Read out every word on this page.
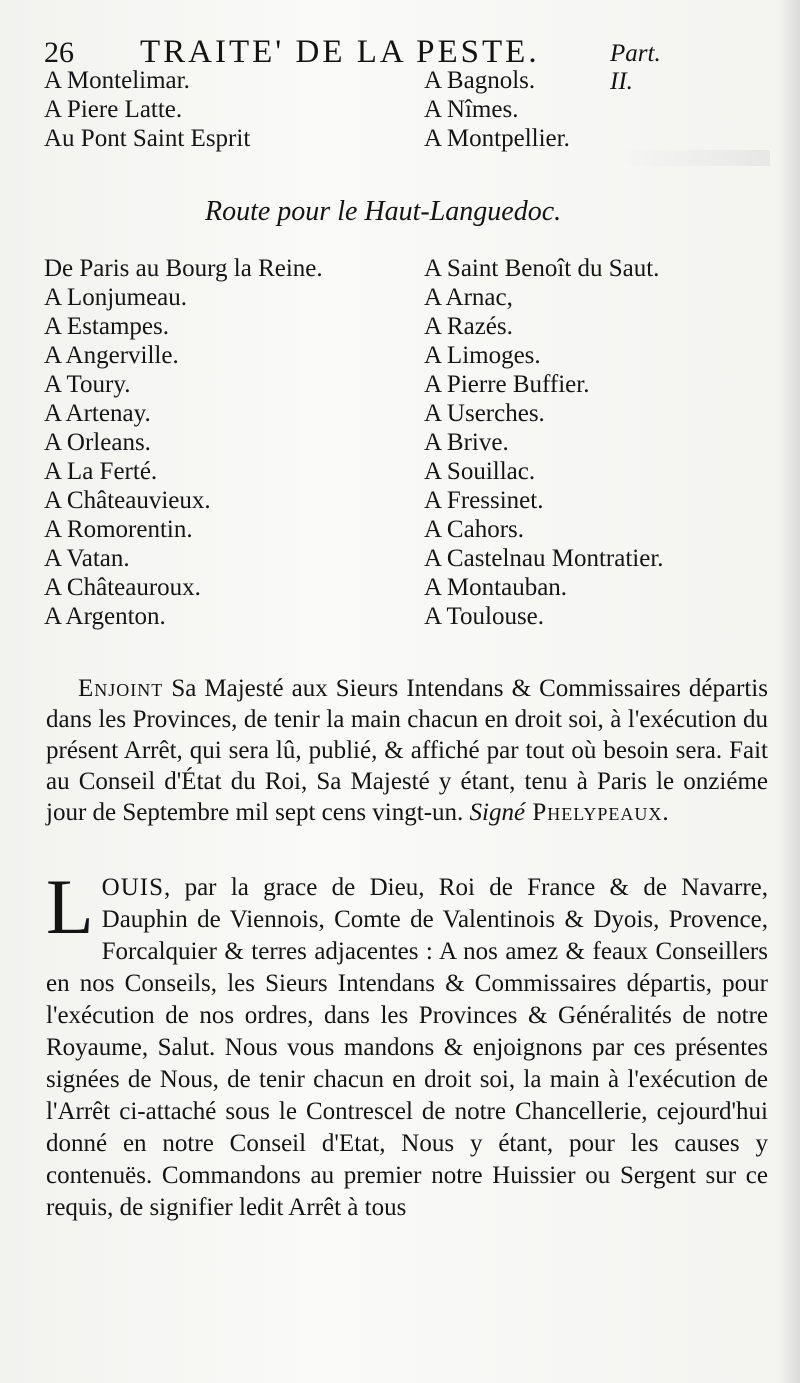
26 TRAITE' DE LA PESTE.	Part. II.
A Montelimar.
A Piere Latte.
Au Pont Saint Esprit
A Bagnols.
A Nîmes.
A Montpellier.
Route pour le Haut-Languedoc.
De Paris au Bourg la Reine.
A Lonjumeau.
A Estampes.
A Angerville.
A Toury.
A Artenay.
A Orleans.
A La Ferté.
A Châteauvieux.
A Romorentin.
A Vatan.
A Châteauroux.
A Argenton.
A Saint Benoît du Saut.
A Arnac,
A Razés.
A Limoges.
A Pierre Buffier.
A Userches.
A Brive.
A Souillac.
A Fressinet.
A Cahors.
A Castelnau Montratier.
A Montauban.
A Toulouse.

Enjoint Sa Majesté aux Sieurs Intendans & Commissaires départis dans les Provinces, de tenir la main chacun en droit soi, à l'exécution du présent Arrêt, qui sera lû, publié, & affiché par tout où besoin sera. Fait au Conseil d'État du Roi, Sa Majesté y étant, tenu à Paris le onziéme jour de Septembre mil sept cens vingt-un. Signé Phelypeaux.

LOUIS, par la grace de Dieu, Roi de France & de Navarre, Dauphin de Viennois, Comte de Valentinois & Dyois, Provence, Forcalquier & terres adjacentes : A nos amez & feaux Conseillers en nos Conseils, les Sieurs Intendans & Commissaires départis, pour l'exécution de nos ordres, dans les Provinces & Généralités de notre Royaume, Salut. Nous vous mandons & enjoignons par ces présentes signées de Nous, de tenir chacun en droit soi, la main à l'exécution de l'Arrêt ci-attaché sous le Contrescel de notre Chancellerie, cejourd'hui donné en notre Conseil d'Etat, Nous y étant, pour les causes y contenuës. Commandons au premier notre Huissier ou Sergent sur ce requis, de signifier ledit Arrêt à tous
